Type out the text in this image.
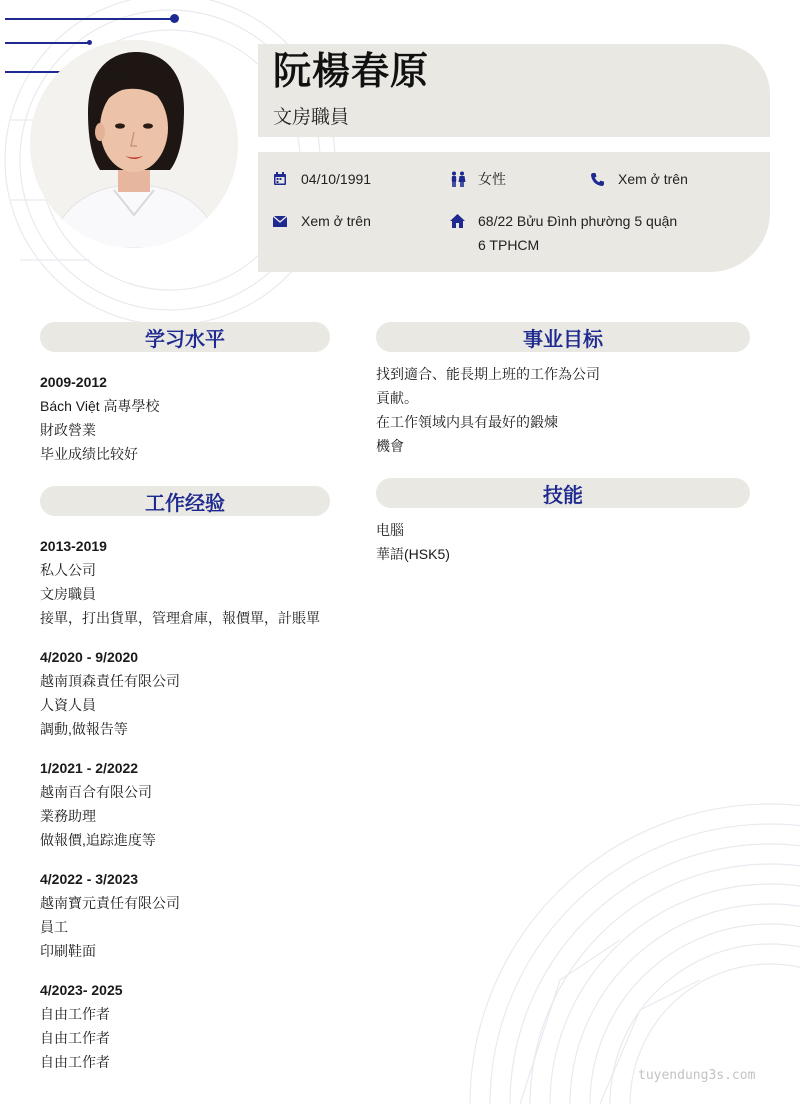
阮楊春原
文房職員
04/10/1991	女性	Xem ở trên
Xem ở trên	68/22 Bửu Đình phường 5 quận
6 TPHCM
学习水平	事业目标
工作经验	技能
2009-2012
Bách Việt 高專學校
財政營業
毕业成绩比较好
找到適合、能長期上班的工作為公司
貢献。
在工作領域内具有最好的鍛煉
機會
电腦
華語(HSK5)
2013-2019
私人公司
文房職員
接單，打出貨單，管理倉庫，報價單，計賬單
4/2020 - 9/2020
越南頂森責任有限公司
人資人員
調動,做報告等
1/2021 - 2/2022
越南百合有限公司
業務助理
做報價,追踪進度等
4/2022 - 3/2023
越南寶元責任有限公司
員工
印刷鞋面
4/2023- 2025
自由工作者
自由工作者
自由工作者
tuyendung3s.com
